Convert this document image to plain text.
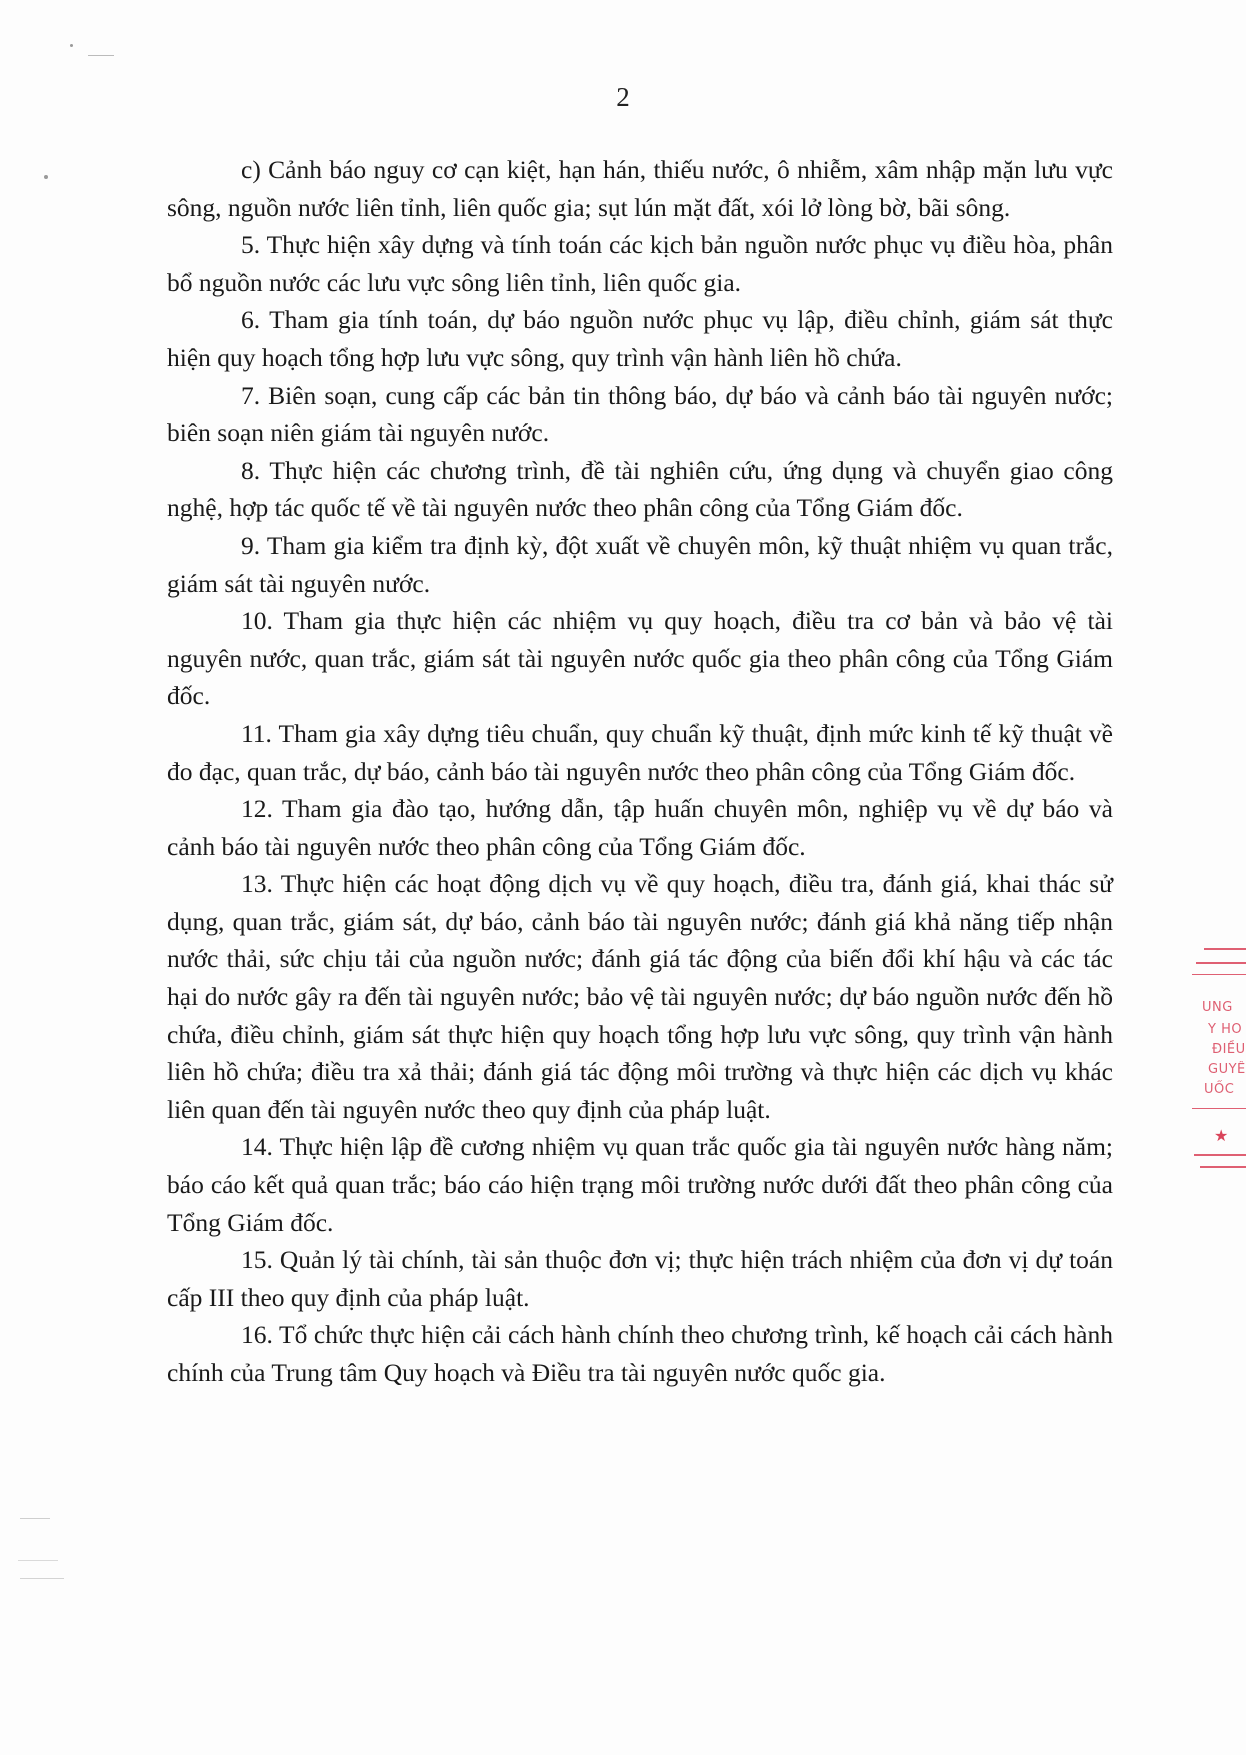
2

c) Cảnh báo nguy cơ cạn kiệt, hạn hán, thiếu nước, ô nhiễm, xâm nhập mặn lưu vực sông, nguồn nước liên tỉnh, liên quốc gia; sụt lún mặt đất, xói lở lòng bờ, bãi sông.

5. Thực hiện xây dựng và tính toán các kịch bản nguồn nước phục vụ điều hòa, phân bổ nguồn nước các lưu vực sông liên tỉnh, liên quốc gia.

6. Tham gia tính toán, dự báo nguồn nước phục vụ lập, điều chỉnh, giám sát thực hiện quy hoạch tổng hợp lưu vực sông, quy trình vận hành liên hồ chứa.

7. Biên soạn, cung cấp các bản tin thông báo, dự báo và cảnh báo tài nguyên nước; biên soạn niên giám tài nguyên nước.

8. Thực hiện các chương trình, đề tài nghiên cứu, ứng dụng và chuyển giao công nghệ, hợp tác quốc tế về tài nguyên nước theo phân công của Tổng Giám đốc.

9. Tham gia kiểm tra định kỳ, đột xuất về chuyên môn, kỹ thuật nhiệm vụ quan trắc, giám sát tài nguyên nước.

10. Tham gia thực hiện các nhiệm vụ quy hoạch, điều tra cơ bản và bảo vệ tài nguyên nước, quan trắc, giám sát tài nguyên nước quốc gia theo phân công của Tổng Giám đốc.

11. Tham gia xây dựng tiêu chuẩn, quy chuẩn kỹ thuật, định mức kinh tế kỹ thuật về đo đạc, quan trắc, dự báo, cảnh báo tài nguyên nước theo phân công của Tổng Giám đốc.

12. Tham gia đào tạo, hướng dẫn, tập huấn chuyên môn, nghiệp vụ về dự báo và cảnh báo tài nguyên nước theo phân công của Tổng Giám đốc.

13. Thực hiện các hoạt động dịch vụ về quy hoạch, điều tra, đánh giá, khai thác sử dụng, quan trắc, giám sát, dự báo, cảnh báo tài nguyên nước; đánh giá khả năng tiếp nhận nước thải, sức chịu tải của nguồn nước; đánh giá tác động của biến đổi khí hậu và các tác hại do nước gây ra đến tài nguyên nước; bảo vệ tài nguyên nước; dự báo nguồn nước đến hồ chứa, điều chỉnh, giám sát thực hiện quy hoạch tổng hợp lưu vực sông, quy trình vận hành liên hồ chứa; điều tra xả thải; đánh giá tác động môi trường và thực hiện các dịch vụ khác liên quan đến tài nguyên nước theo quy định của pháp luật.

14. Thực hiện lập đề cương nhiệm vụ quan trắc quốc gia tài nguyên nước hàng năm; báo cáo kết quả quan trắc; báo cáo hiện trạng môi trường nước dưới đất theo phân công của Tổng Giám đốc.

15. Quản lý tài chính, tài sản thuộc đơn vị; thực hiện trách nhiệm của đơn vị dự toán cấp III theo quy định của pháp luật.

16. Tổ chức thực hiện cải cách hành chính theo chương trình, kế hoạch cải cách hành chính của Trung tâm Quy hoạch và Điều tra tài nguyên nước quốc gia.

UNG
Y HO
ĐIỀU
GUYÊ
UỐC
★
